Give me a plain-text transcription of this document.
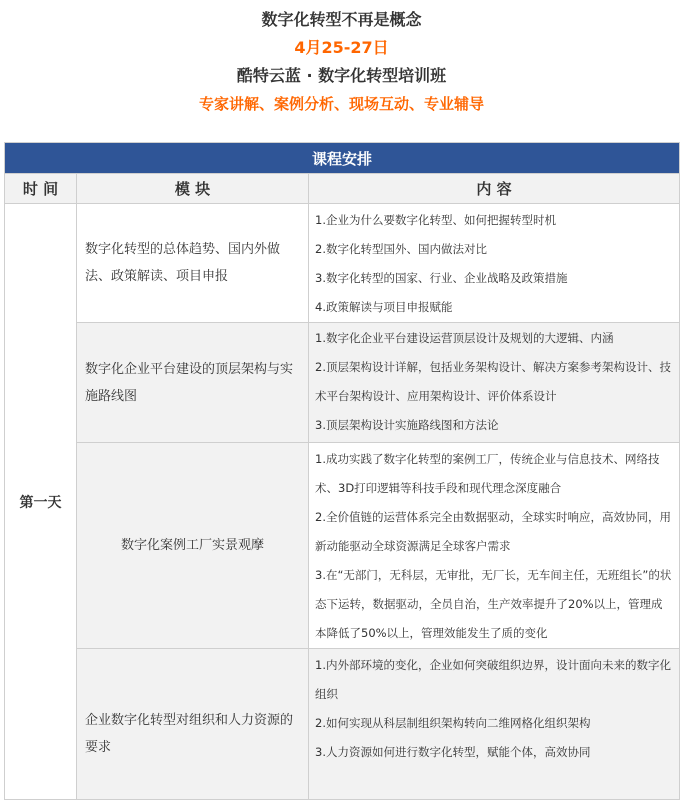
数字化转型不再是概念
4月25-27日
酷特云蓝 · 数字化转型培训班
专家讲解、案例分析、现场互动、专业辅导
课程安排		
时 间	模 块	内 容
第一天	数字化转型的总体趋势、国内外做法、政策解读、项目申报	1.企业为什么要数字化转型、如何把握转型时机

2.数字化转型国外、国内做法对比

3.数字化转型的国家、行业、企业战略及政策措施

4.政策解读与项目申报赋能

	数字化企业平台建设的顶层架构与实施路线图	1.数字化企业平台建设运营顶层设计及规划的大逻辑、内涵

2.顶层架构设计详解，包括业务架构设计、解决方案参考架构设计、技术平台架构设计、应用架构设计、评价体系设计

3.顶层架构设计实施路线图和方法论

	数字化案例工厂实景观摩	1.成功实践了数字化转型的案例工厂，传统企业与信息技术、网络技术、3D打印逻辑等科技手段和现代理念深度融合

2.全价值链的运营体系完全由数据驱动，全球实时响应，高效协同，用新动能驱动全球资源满足全球客户需求

3.在“无部门，无科层，无审批，无厂长，无车间主任，无班组长”的状态下运转，数据驱动，全员自治，生产效率提升了20%以上，管理成本降低了50%以上，管理效能发生了质的变化

	企业数字化转型对组织和人力资源的要求	1.内外部环境的变化，企业如何突破组织边界，设计面向未来的数字化组织

2.如何实现从科层制组织架构转向二维网格化组织架构

3.人力资源如何进行数字化转型，赋能个体，高效协同
